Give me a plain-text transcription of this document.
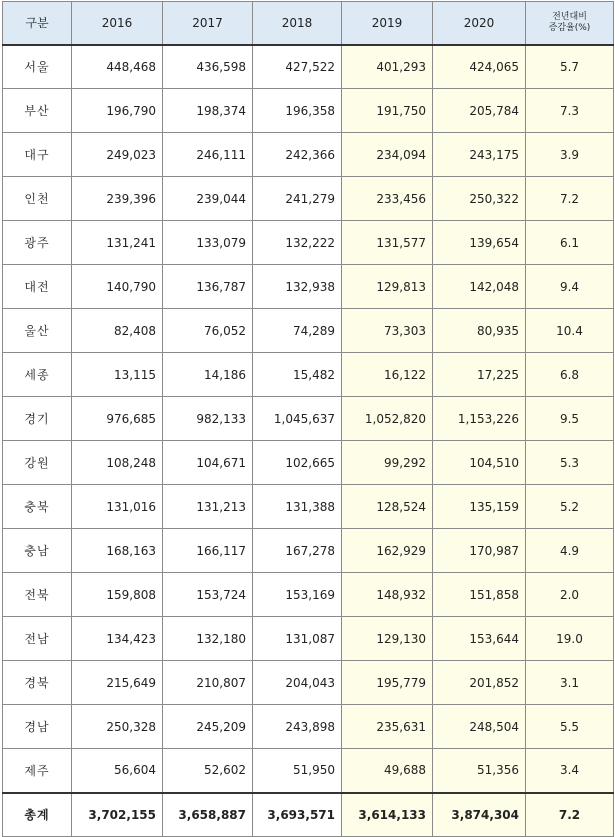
구분	2016	2017	2018	2019	2020	전년대비
증감율(%)
서울	448,468	436,598	427,522	401,293	424,065	5.7
부산	196,790	198,374	196,358	191,750	205,784	7.3
대구	249,023	246,111	242,366	234,094	243,175	3.9
인천	239,396	239,044	241,279	233,456	250,322	7.2
광주	131,241	133,079	132,222	131,577	139,654	6.1
대전	140,790	136,787	132,938	129,813	142,048	9.4
울산	82,408	76,052	74,289	73,303	80,935	10.4
세종	13,115	14,186	15,482	16,122	17,225	6.8
경기	976,685	982,133	1,045,637	1,052,820	1,153,226	9.5
강원	108,248	104,671	102,665	99,292	104,510	5.3
충북	131,016	131,213	131,388	128,524	135,159	5.2
충남	168,163	166,117	167,278	162,929	170,987	4.9
전북	159,808	153,724	153,169	148,932	151,858	2.0
전남	134,423	132,180	131,087	129,130	153,644	19.0
경북	215,649	210,807	204,043	195,779	201,852	3.1
경남	250,328	245,209	243,898	235,631	248,504	5.5
제주	56,604	52,602	51,950	49,688	51,356	3.4
총계	3,702,155	3,658,887	3,693,571	3,614,133	3,874,304	7.2
